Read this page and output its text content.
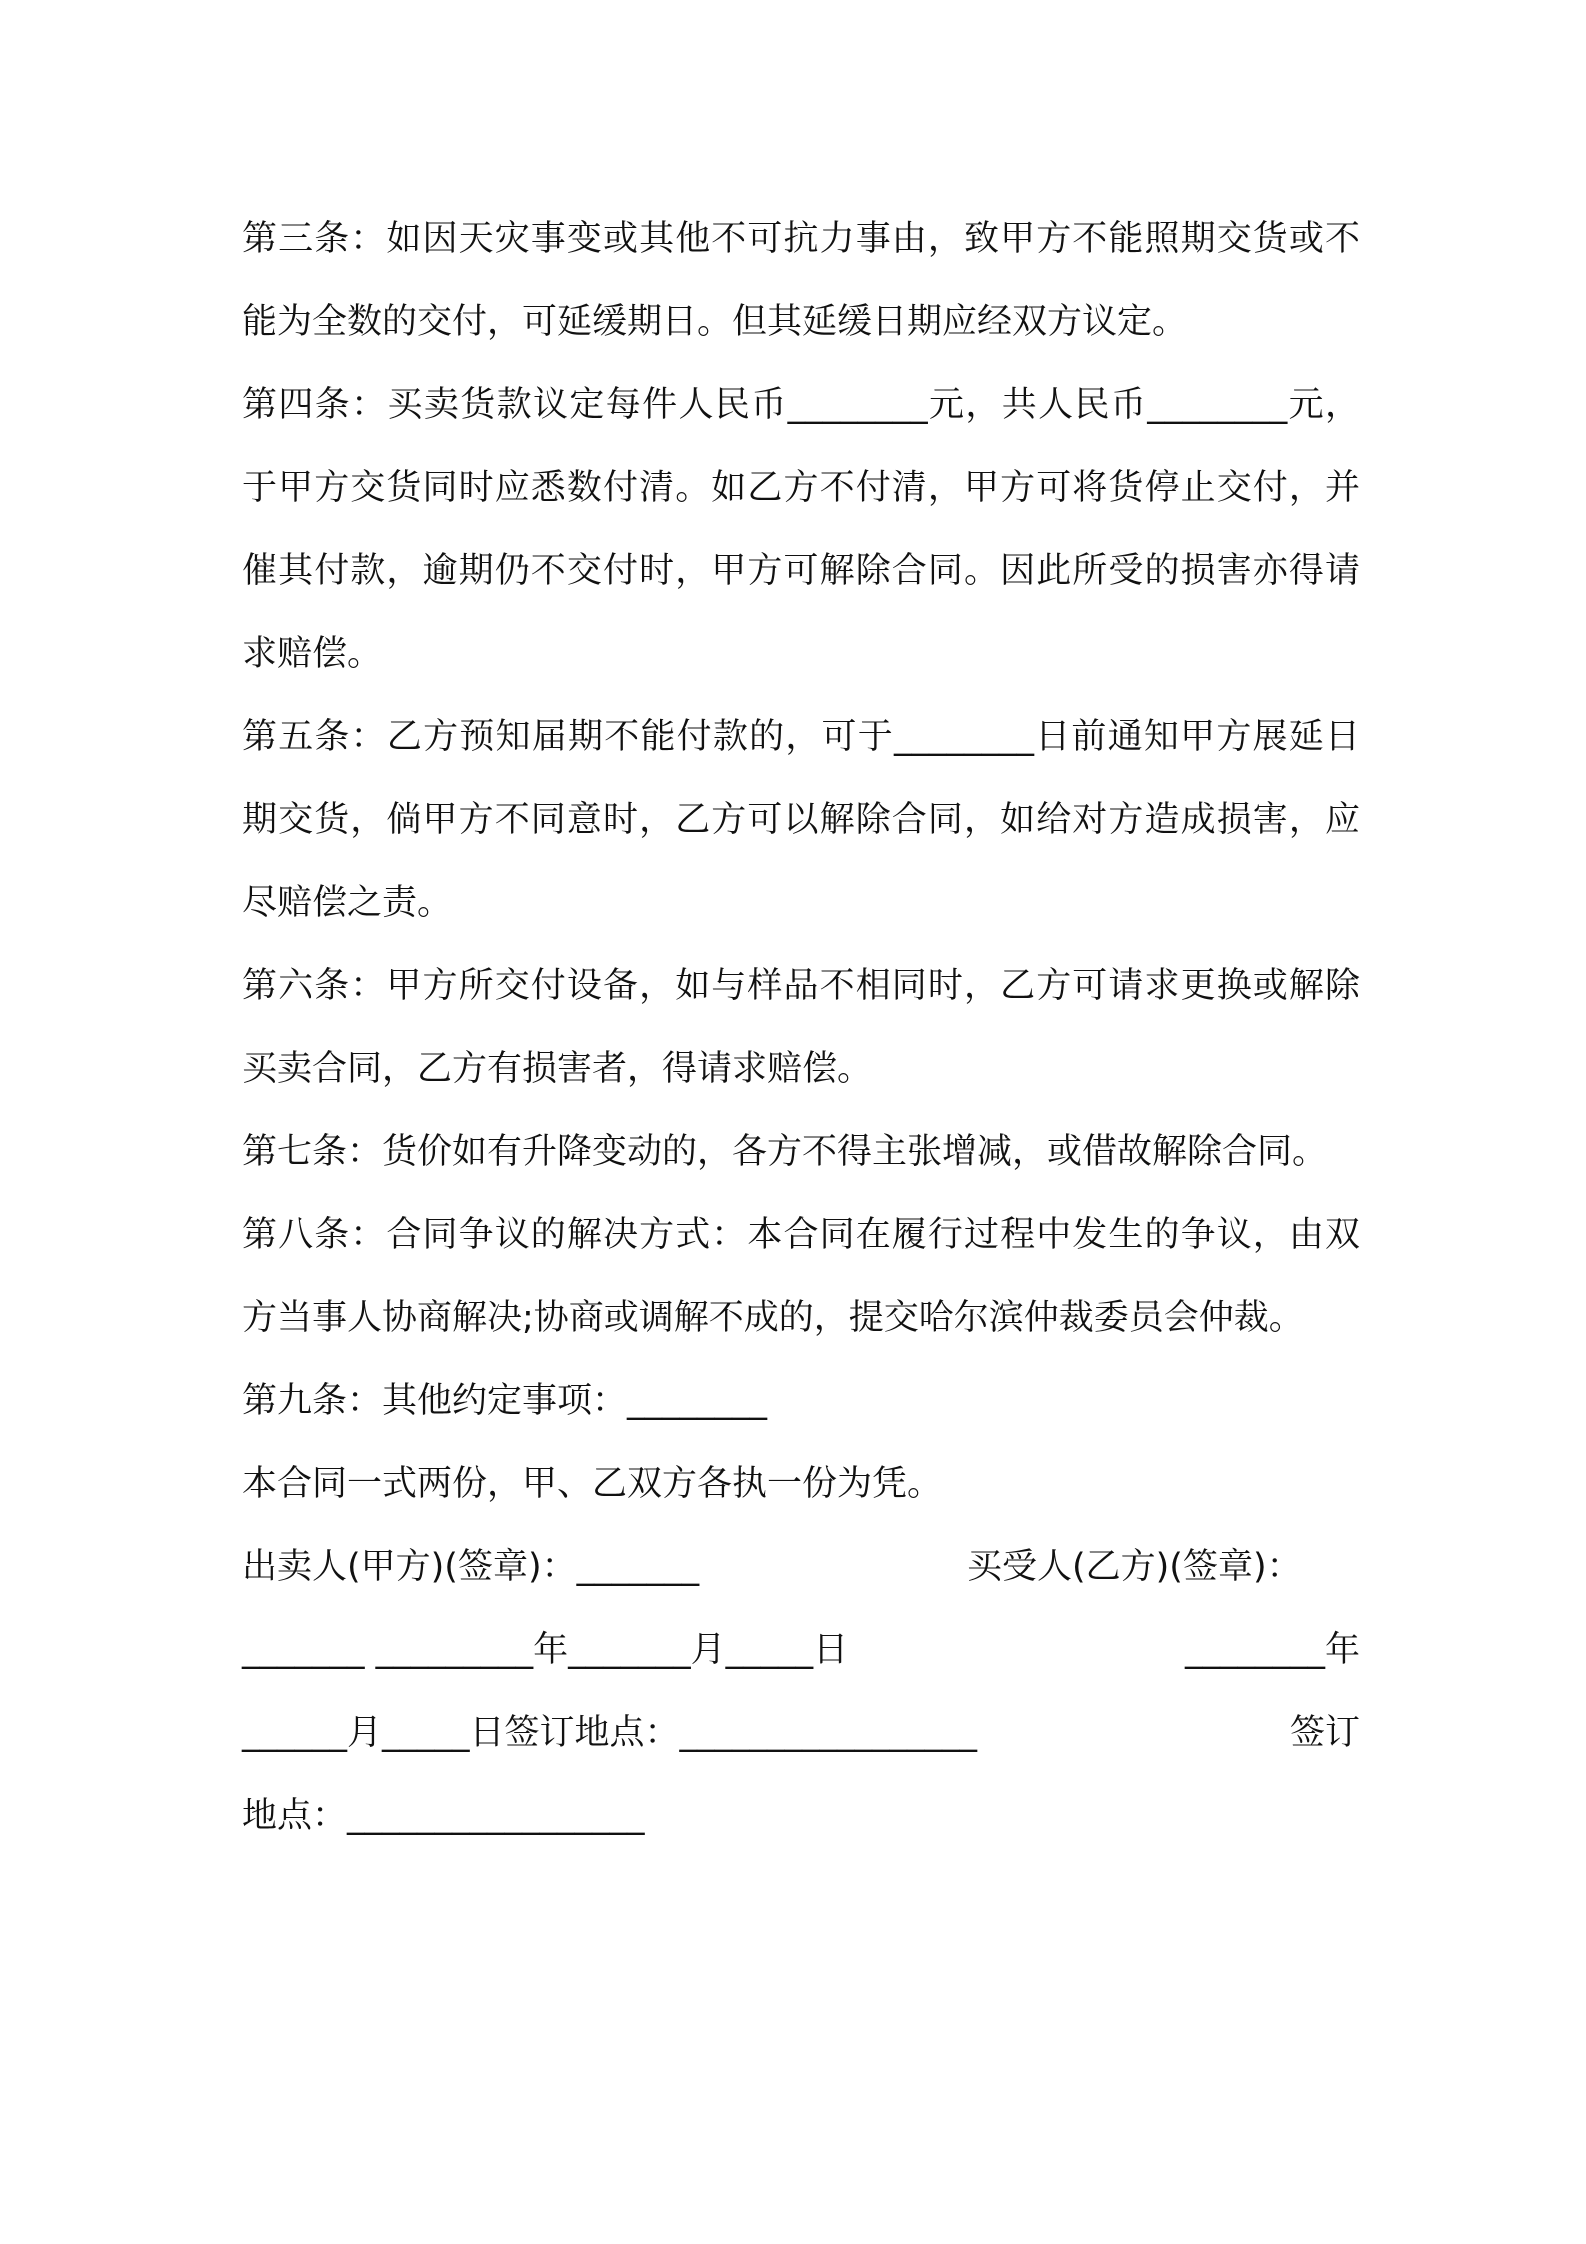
第三条：如因天灾事变或其他不可抗力事由，致甲方不能照期交货或不能为全数的交付，可延缓期日。但其延缓日期应经双方议定。

第四条：买卖货款议定每件人民币________元，共人民币________元，于甲方交货同时应悉数付清。如乙方不付清，甲方可将货停止交付，并催其付款，逾期仍不交付时，甲方可解除合同。因此所受的损害亦得请求赔偿。

第五条：乙方预知届期不能付款的，可于________日前通知甲方展延日期交货，倘甲方不同意时，乙方可以解除合同，如给对方造成损害，应尽赔偿之责。

第六条：甲方所交付设备，如与样品不相同时，乙方可请求更换或解除买卖合同，乙方有损害者，得请求赔偿。

第七条：货价如有升降变动的，各方不得主张增减，或借故解除合同。

第八条：合同争议的解决方式：本合同在履行过程中发生的争议，由双方当事人协商解决;协商或调解不成的，提交哈尔滨仲裁委员会仲裁。

第九条：其他约定事项：________

本合同一式两份，甲、乙双方各执一份为凭。

出卖人(甲方)(签章)：_______	买受人(乙方)(签章)：
_______ _________年_______月_____日	________年
______月_____日签订地点：_________________	签订
地点：_________________
